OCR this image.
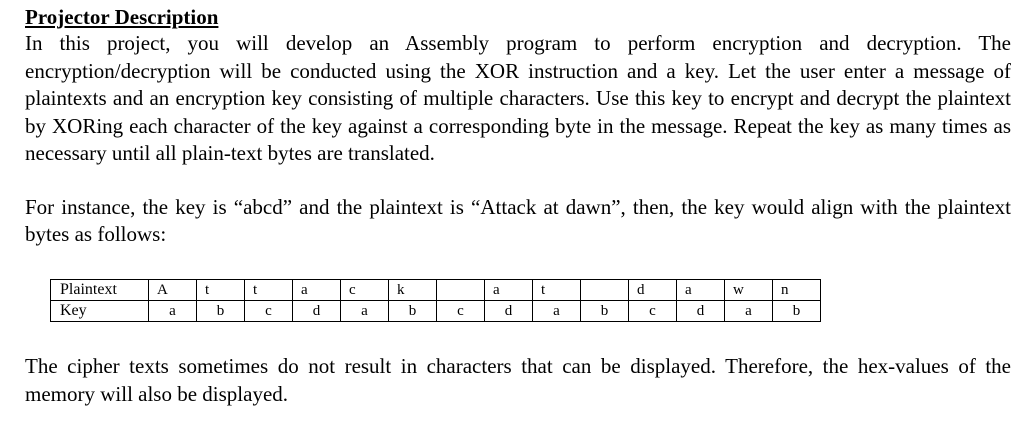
Projector Description

In this project, you will develop an Assembly program to perform encryption and decryption. The encryption/decryption will be conducted using the XOR instruction and a key. Let the user enter a message of plaintexts and an encryption key consisting of multiple characters. Use this key to encrypt and decrypt the plaintext by XORing each character of the key against a corresponding byte in the message. Repeat the key as many times as necessary until all plain-text bytes are translated.

For instance, the key is “abcd” and the plaintext is “Attack at dawn”, then, the key would align with the plaintext bytes as follows:

Plaintext	A	t	t	a	c	k		a	t		d	a	w	n
Key	a	b	c	d	a	b	c	d	a	b	c	d	a	b

The cipher texts sometimes do not result in characters that can be displayed. Therefore, the hex-values of the memory will also be displayed.
